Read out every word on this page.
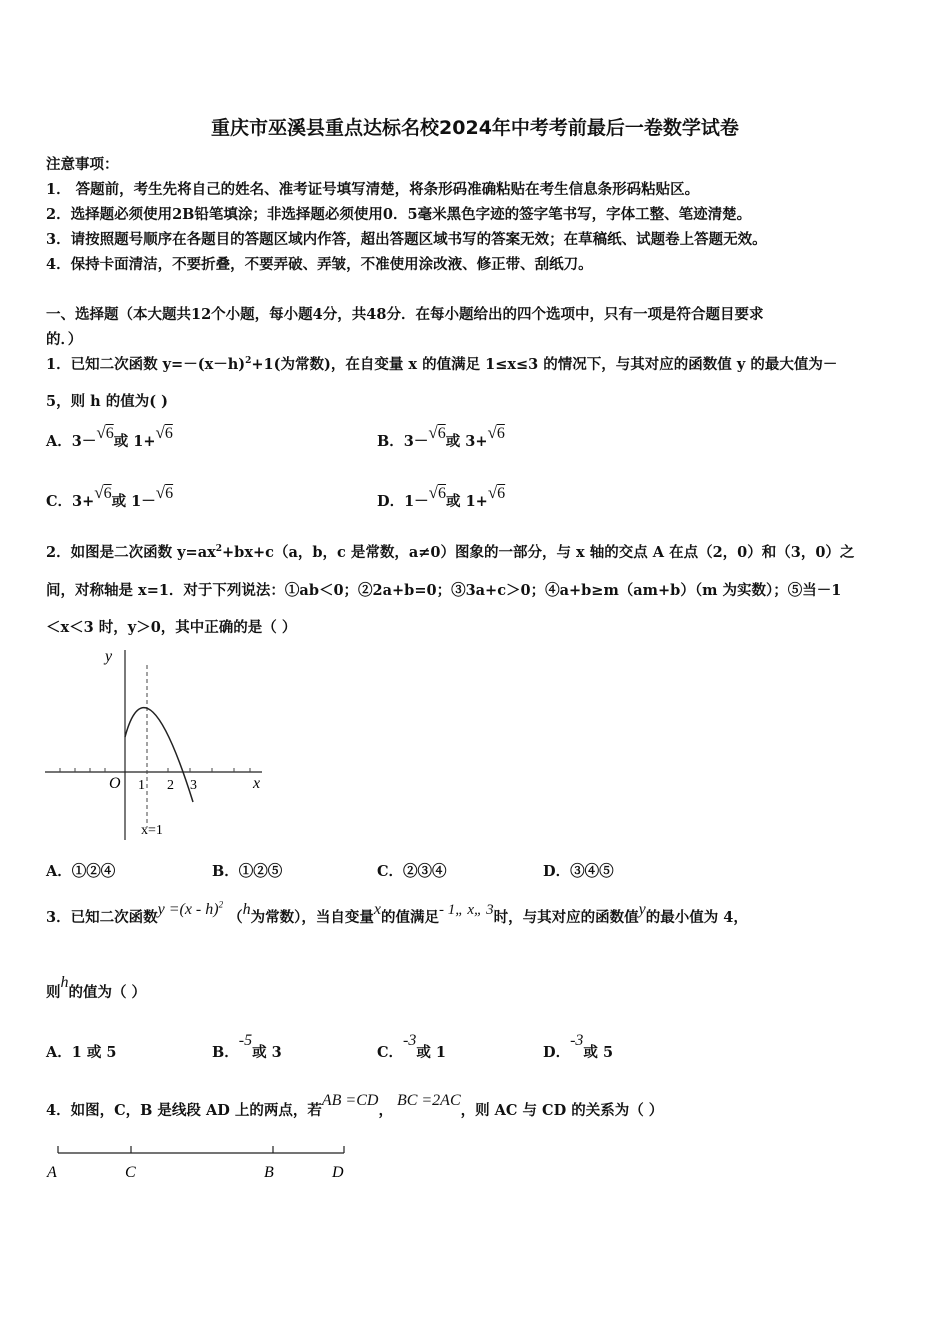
重庆市巫溪县重点达标名校2024年中考考前最后一卷数学试卷
注意事项：
1． 答题前，考生先将自己的姓名、准考证号填写清楚，将条形码准确粘贴在考生信息条形码粘贴区。
2．选择题必须使用2B铅笔填涂；非选择题必须使用0．5毫米黑色字迹的签字笔书写，字体工整、笔迹清楚。
3．请按照题号顺序在各题目的答题区域内作答，超出答题区域书写的答案无效；在草稿纸、试题卷上答题无效。
4．保持卡面清洁，不要折叠，不要弄破、弄皱，不准使用涂改液、修正带、刮纸刀。
一、选择题（本大题共12个小题，每小题4分，共48分．在每小题给出的四个选项中，只有一项是符合题目要求
的．）
1．已知二次函数 $y=-(x-h)^2+1$(为常数)，在自变量 x 的值满足 1≤x≤3 的情况下，与其对应的函数值 y 的最大值为－
5，则 h 的值为( )
A．3－√6或 1+√6	B．3－√6或 3+√6
C．3+√6或 1－√6	D．1－√6或 1+√6
2．如图是二次函数 $y=ax^2+bx+c(a$，b，c 是常数，a≠0）图象的一部分，与 x 轴的交点 A 在点（2，0）和（3，0）之
间，对称轴是 x=1．对于下列说法：①ab＜0；②2a+b=0；③3a+c＞0；④a+b≥m（am+b）（m 为实数）；⑤当－1
＜x＜3 时，y＞0，其中正确的是（ ）
y
x
O 1 2 3
x=1
A．①②④	B．①②⑤	C．②③④	D．③④⑤
3．已知二次函数y =(x - h)$^2$ （h为常数），当自变量x的值满足- 1„ x„ 3时，与其对应的函数值y的最小值为 4，
则h的值为（ ）
A．1 或 5	B．-5或 3	C．-3或 1	D．-3或 5
4．如图，C，B 是线段 AD 上的两点，若AB =CD，BC =2AC，则 AC 与 CD 的关系为（ ）
A	C	B	D
